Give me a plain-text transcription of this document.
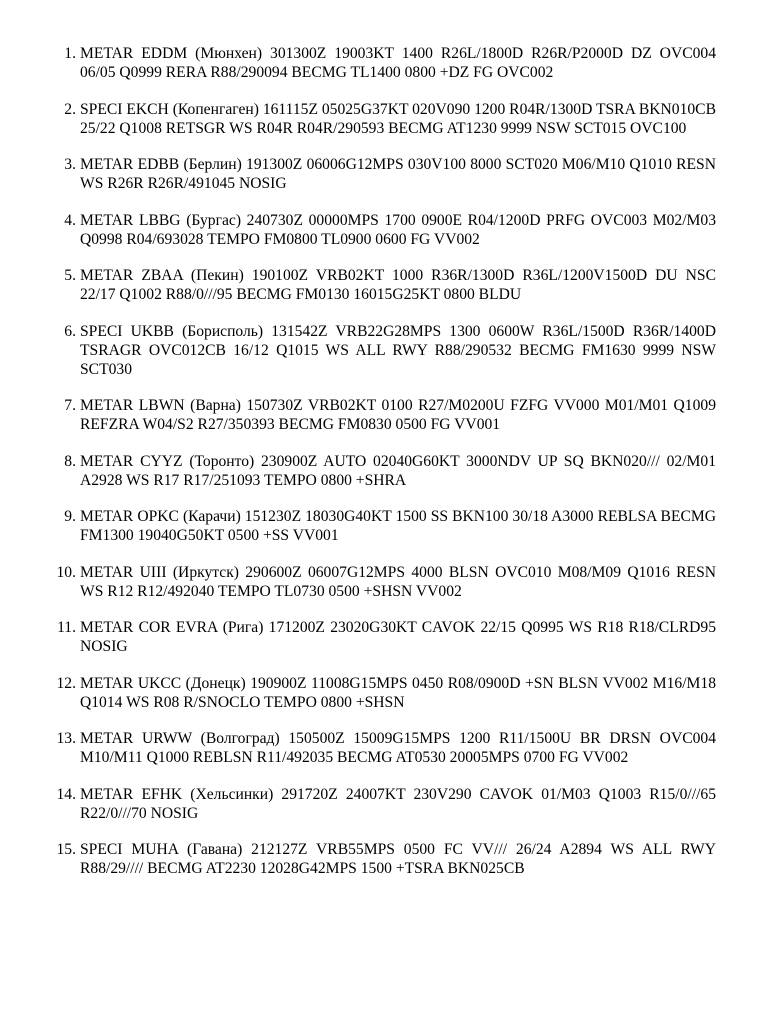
1. METAR EDDM (Мюнхен) 301300Z 19003KT 1400 R26L/1800D R26R/P2000D DZ OVC004 06/05 Q0999 RERA R88/290094 BECMG TL1400 0800 +DZ FG OVC002
2. SPECI EKCH (Копенгаген) 161115Z 05025G37KT 020V090 1200 R04R/1300D TSRA BKN010CB 25/22 Q1008 RETSGR WS R04R R04R/290593 BECMG AT1230 9999 NSW SCT015 OVC100
3. METAR EDBB (Берлин) 191300Z 06006G12MPS 030V100 8000 SCT020 M06/M10 Q1010 RESN WS R26R R26R/491045 NOSIG
4. METAR LBBG (Бургас) 240730Z 00000MPS 1700 0900E R04/1200D PRFG OVC003 M02/M03 Q0998 R04/693028 TEMPO FM0800 TL0900 0600 FG VV002
5. METAR ZBAA (Пекин) 190100Z VRB02KT 1000 R36R/1300D R36L/1200V1500D DU NSC 22/17 Q1002 R88/0///95 BECMG FM0130 16015G25KT 0800 BLDU
6. SPECI UKBB (Борисполь) 131542Z VRB22G28MPS 1300 0600W R36L/1500D R36R/1400D TSRAGR OVC012CB 16/12 Q1015 WS ALL RWY R88/290532 BECMG FM1630 9999 NSW SCT030
7. METAR LBWN (Варна) 150730Z VRB02KT 0100 R27/M0200U FZFG VV000 M01/M01 Q1009 REFZRA W04/S2 R27/350393 BECMG FM0830 0500 FG VV001
8. METAR CYYZ (Торонто) 230900Z AUTO 02040G60KT 3000NDV UP SQ BKN020/// 02/M01 A2928 WS R17 R17/251093 TEMPO 0800 +SHRA
9. METAR OPKC (Карачи) 151230Z 18030G40KT 1500 SS BKN100 30/18 A3000 REBLSA BECMG FM1300 19040G50KT 0500 +SS VV001
10. METAR UIII (Иркутск) 290600Z 06007G12MPS 4000 BLSN OVC010 M08/M09 Q1016 RESN WS R12 R12/492040 TEMPO TL0730 0500 +SHSN VV002
11. METAR COR EVRA (Рига) 171200Z 23020G30KT CAVOK 22/15 Q0995 WS R18 R18/CLRD95 NOSIG
12. METAR UKCC (Донецк) 190900Z 11008G15MPS 0450 R08/0900D +SN BLSN VV002 M16/M18 Q1014 WS R08 R/SNOCLO TEMPO 0800 +SHSN
13. METAR URWW (Волгоград) 150500Z 15009G15MPS 1200 R11/1500U BR DRSN OVC004 M10/M11 Q1000 REBLSN R11/492035 BECMG AT0530 20005MPS 0700 FG VV002
14. METAR EFHK (Хельсинки) 291720Z 24007KT 230V290 CAVOK 01/M03 Q1003 R15/0///65 R22/0///70 NOSIG
15. SPECI MUHA (Гавана) 212127Z VRB55MPS 0500 FC VV/// 26/24 A2894 WS ALL RWY R88/29//// BECMG AT2230 12028G42MPS 1500 +TSRA BKN025CB
